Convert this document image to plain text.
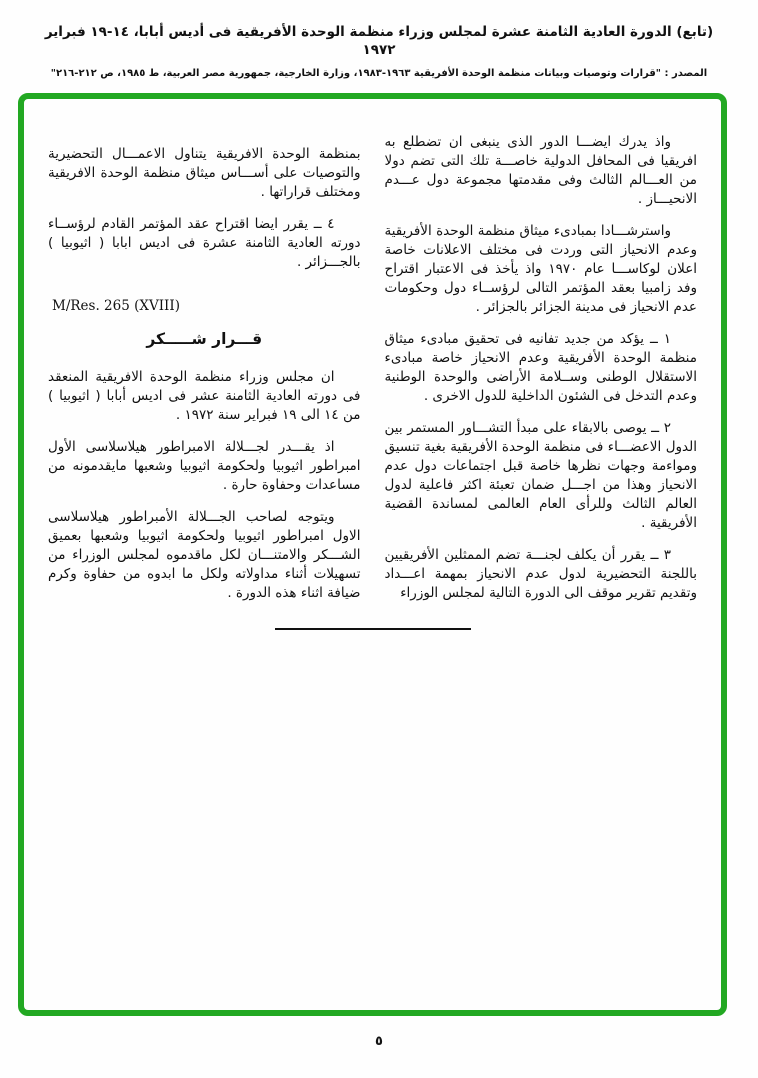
(تابع) الدورة العادية الثامنة عشرة لمجلس وزراء منظمة الوحدة الأفريقية فى أديس أبابا، ١٤-١٩ فبراير ١٩٧٢
المصدر : "قرارات وتوصيات وبيانات منظمة الوحدة الأفريقية ١٩٦٣-١٩٨٣، وزارة الخارجية، جمهورية مصر العربية، ط ١٩٨٥، ص ٢١٢-٢١٦"

واذ يدرك ايضـــا الدور الذى ينبغى ان تضطلع به افريقيا فى المحافل الدولية خاصـــة تلك التى تضم دولا من العـــالم الثالث وفى مقدمتها مجموعة دول عـــدم الانحيـــاز .

واسترشـــادا بمبادىء ميثاق منظمة الوحدة الأفريقية وعدم الانحياز التى وردت فى مختلف الاعلانات خاصة اعلان لوكاســـا عام ١٩٧٠ واذ يأخذ فى الاعتبار اقتراح وفد زامبيا بعقد المؤتمر التالى لرؤســاء دول وحكومات عدم الانحياز فى مدينة الجزائر بالجزائر .

١ ــ يؤكد من جديد تفانيه فى تحقيق مبادىء ميثاق منظمة الوحدة الأفريقية وعدم الانحياز خاصة مبادىء الاستقلال الوطنى وســلامة الأراضى والوحدة الوطنية وعدم التدخل فى الشئون الداخلية للدول الاخرى .

٢ ــ يوصى بالابقاء على مبدأ التشـــاور المستمر بين الدول الاعضـــاء فى منظمة الوحدة الأفريقية بغية تنسيق ومواءمة وجهات نظرها خاصة قبل اجتماعات دول عدم الانحياز وهذا من اجـــل ضمان تعبئة اكثر فاعلية لدول العالم الثالث وللرأى العام العالمى لمساندة القضية الأفريقية .

٣ ــ يقرر أن يكلف لجنـــة تضم الممثلين الأفريقيين باللجنة التحضيرية لدول عدم الانحياز بمهمة اعـــداد وتقديم تقرير موقف الى الدورة التالية لمجلس الوزراء

بمنظمة الوحدة الافريقية يتناول الاعمـــال التحضيرية والتوصيات على أســـاس ميثاق منظمة الوحدة الافريقية ومختلف قراراتها .

٤ ــ يقرر ايضا اقتراح عقد المؤتمر القادم لرؤســاء دورته العادية الثامنة عشرة فى اديس ابابا ( اثيوبيا ) بالجـــزائر .

M/Res. 265 (XVIII)
قـــرار شـــــكر

ان مجلس وزراء منظمة الوحدة الافريقية المنعقد فى دورته العادية الثامنة عشر فى اديس أبابا ( اثيوبيا ) من ١٤ الى ١٩ فبراير سنة ١٩٧٢ .

اذ يقـــدر لجـــلالة الامبراطور هيلاسلاسى الأول امبراطور اثيوبيا ولحكومة اثيوبيا وشعبها مايقدمونه من مساعدات وحفاوة حارة .

ويتوجه لصاحب الجـــلالة الأمبراطور هيلاسلاسى الاول امبراطور اثيوبيا ولحكومة اثيوبيا وشعبها بعميق الشـــكر والامتنـــان لكل ماقدموه لمجلس الوزراء من تسهيلات أثناء مداولاته ولكل ما ابدوه من حفاوة وكرم ضيافة اثناء هذه الدورة .

٥
